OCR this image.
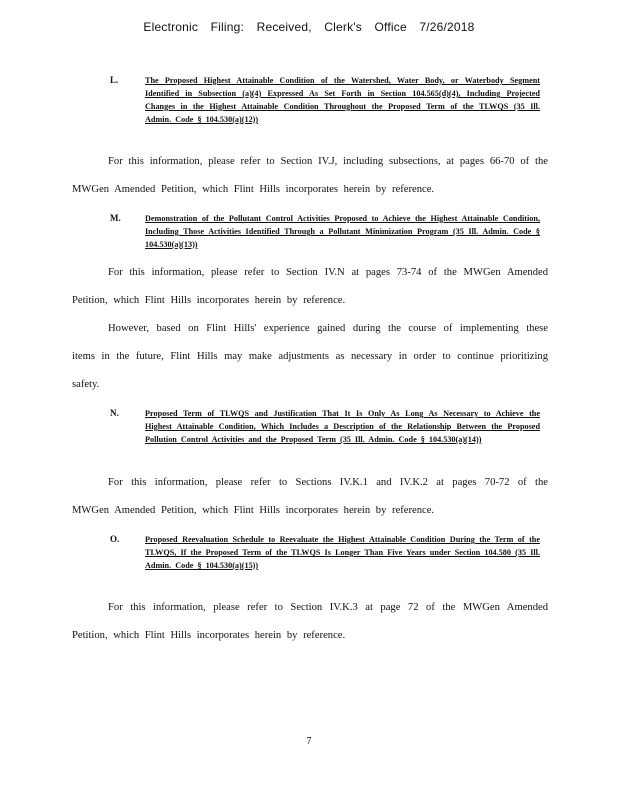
Electronic Filing: Received, Clerk's Office 7/26/2018
L.	The Proposed Highest Attainable Condition of the Watershed, Water Body, or Waterbody Segment Identified in Subsection (a)(4) Expressed As Set Forth in Section 104.565(d)(4), Including Projected Changes in the Highest Attainable Condition Throughout the Proposed Term of the TLWQS (35 Ill. Admin. Code § 104.530(a)(12))
For this information, please refer to Section IV.J, including subsections, at pages 66-70 of the MWGen Amended Petition, which Flint Hills incorporates herein by reference.
M.	Demonstration of the Pollutant Control Activities Proposed to Achieve the Highest Attainable Condition, Including Those Activities Identified Through a Pollutant Minimization Program (35 Ill. Admin. Code § 104.530(a)(13))
For this information, please refer to Section IV.N at pages 73-74 of the MWGen Amended Petition, which Flint Hills incorporates herein by reference.
However, based on Flint Hills' experience gained during the course of implementing these items in the future, Flint Hills may make adjustments as necessary in order to continue prioritizing safety.
N.	Proposed Term of TLWQS and Justification That It Is Only As Long As Necessary to Achieve the Highest Attainable Condition, Which Includes a Description of the Relationship Between the Proposed Pollution Control Activities and the Proposed Term (35 Ill. Admin. Code § 104.530(a)(14))
For this information, please refer to Sections IV.K.1 and IV.K.2 at pages 70-72 of the MWGen Amended Petition, which Flint Hills incorporates herein by reference.
O.	Proposed Reevaluation Schedule to Reevaluate the Highest Attainable Condition During the Term of the TLWQS, If the Proposed Term of the TLWQS Is Longer Than Five Years under Section 104.580 (35 Ill. Admin. Code § 104.530(a)(15))
For this information, please refer to Section IV.K.3 at page 72 of the MWGen Amended Petition, which Flint Hills incorporates herein by reference.
7
